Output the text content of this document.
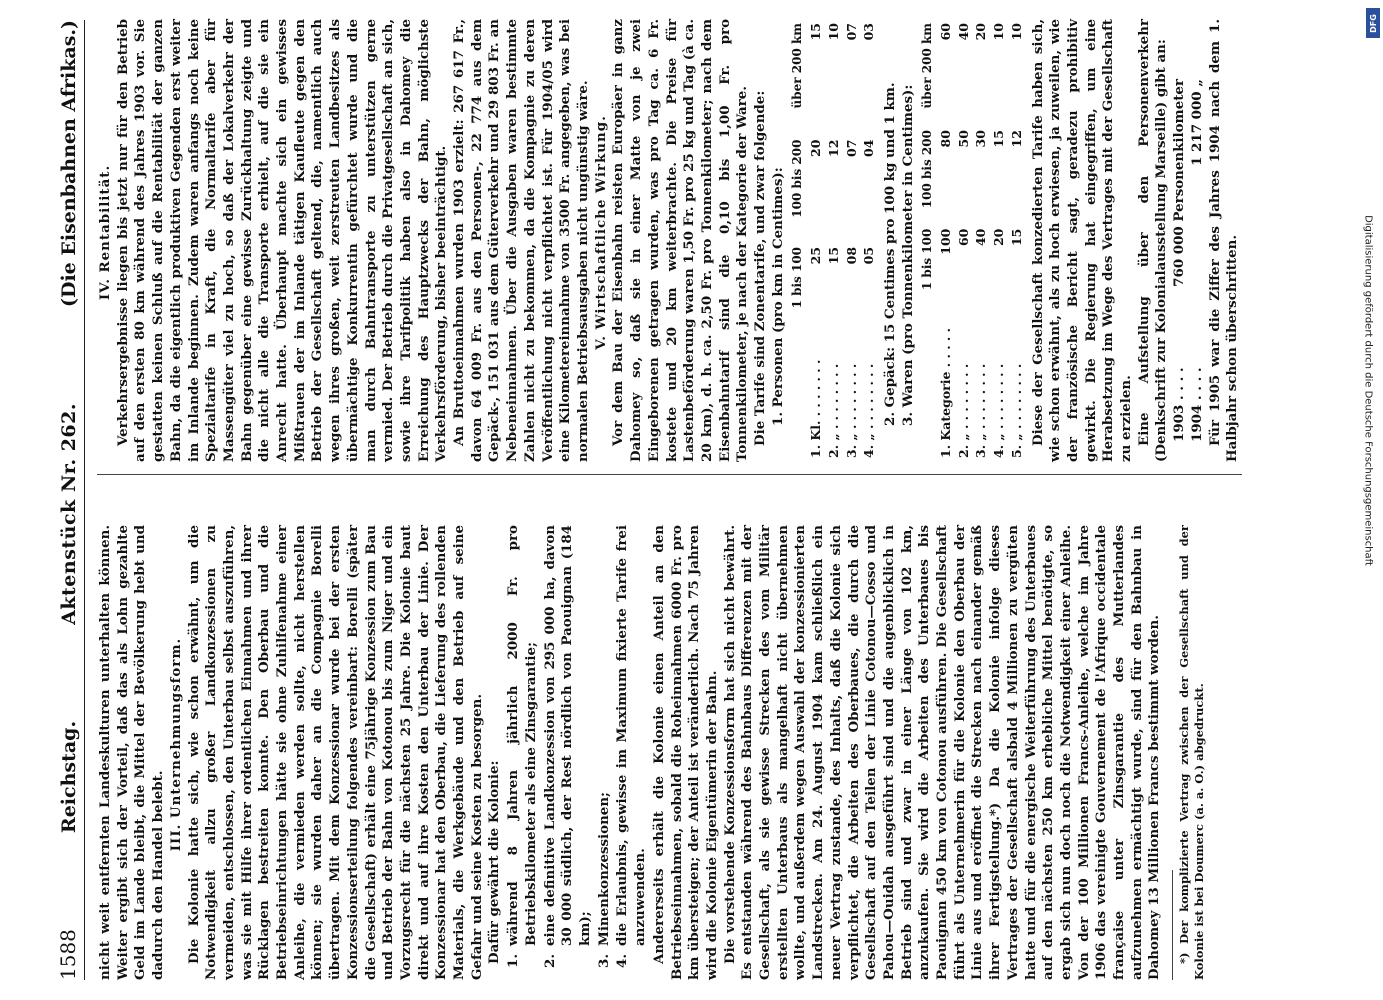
1588
Reichstag.
Aktenstück Nr. 262.
(Die Eisenbahnen Afrikas.)

nicht weit entfernten Landeskulturen unterhalten können. Weiter ergibt sich der Vorteil, daß das als Lohn gezahlte Geld im Lande bleibt, die Mittel der Bevölkerung hebt und dadurch den Handel belebt.

III. Unternehmungsform. Die Kolonie hatte sich, wie schon erwähnt, um die Notwendigkeit allzu großer Landkonzessionen zu vermeiden, entschlossen, den Unterbau selbst auszuführen, was sie mit Hilfe ihrer ordentlichen Einnahmen und ihrer Rücklagen bestreiten konnte. Den Oberbau und die Betriebseinrichtungen hätte sie ohne Zuhilfenahme einer Anleihe, die vermieden werden sollte, nicht herstellen können; sie wurden daher an die Compagnie Borelli übertragen. Mit dem Konzessionar wurde bei der ersten Konzessionserteilung folgendes vereinbart: Borelli (später die Gesellschaft) erhält eine 75jährige Konzession zum Bau und Betrieb der Bahn von Kotonou bis zum Niger und ein Vorzugsrecht für die nächsten 25 Jahre. Die Kolonie baut direkt und auf ihre Kosten den Unterbau der Linie. Der Konzessionar hat den Oberbau, die Lieferung des rollenden Materials, die Werkgebäude und den Betrieb auf seine Gefahr und seine Kosten zu besorgen. Dafür gewährt die Kolonie: 1.
während 8 Jahren jährlich 2000 Fr. pro Betriebskilometer als eine Zinsgarantie;
2.
eine definitive Landkonzession von 295 000 ha, davon 30 000 südlich, der Rest nördlich von Paouignan (184 km);
3.
Minenkonzessionen;
4.
die Erlaubnis, gewisse im Maximum fixierte Tarife frei anzuwenden. Andererseits erhält die Kolonie einen Anteil an den Betriebseinnahmen, sobald die Roheinnahmen 6000 Fr. pro km übersteigen; der Anteil ist veränderlich. Nach 75 Jahren wird die Kolonie Eigentümerin der Bahn. Die vorstehende Konzessionsform hat sich nicht bewährt. Es entstanden während des Bahnbaus Differenzen mit der Gesellschaft, als sie gewisse Strecken des vom Militär erstellten Unterbaus als mangelhaft nicht übernehmen wollte, und außerdem wegen Auswahl der konzessionierten Landstrecken. Am 24. August 1904 kam schließlich ein neuer Vertrag zustande, des Inhalts, daß die Kolonie sich verpflichtet, die Arbeiten des Oberbaues, die durch die Gesellschaft auf den Teilen der Linie Cotonou—Cosso und Pahou—Ouidah ausgeführt sind und die augenblicklich in Betrieb sind und zwar in einer Länge von 102 km, anzukaufen. Sie wird die Arbeiten des Unterbaues bis Paouignan 450 km von Cotonou ausführen. Die Gesellschaft führt als Unternehmerin für die Kolonie den Oberbau der Linie aus und eröffnet die Strecken nach einander gemäß ihrer Fertigstellung.*) Da die Kolonie infolge dieses Vertrages der Gesellschaft alsbald 4 Millionen zu vergüten hatte und für die energische Weiterführung des Unterbaues auf den nächsten 250 km erhebliche Mittel benötigte, so ergab sich nun doch noch die Notwendigkeit einer Anleihe. Von der 100 Millionen Francs-Anleihe, welche im Jahre 1906 das vereinigte Gouvernement de l'Afrique occidentale française unter Zinsgarantie des Mutterlandes aufzunehmen ermächtigt wurde, sind für den Bahnbau in Dahomey 13 Millionen Francs bestimmt worden. *) Der komplizierte Vertrag zwischen der Gesellschaft und der Kolonie ist bei Doumerc (a. a. O.) abgedruckt.

IV. Rentabilität. Verkehrsergebnisse liegen bis jetzt nur für den Betrieb auf den ersten 80 km während des Jahres 1903 vor. Sie gestatten keinen Schluß auf die Rentabilität der ganzen Bahn, da die eigentlich produktiven Gegenden erst weiter im Inlande beginnen. Zudem waren anfangs noch keine Spezialtarife in Kraft, die Normaltarife aber für Massengüter viel zu hoch, so daß der Lokalverkehr der Bahn gegenüber eine gewisse Zurückhaltung zeigte und die nicht alle die Transporte erhielt, auf die sie ein Anrecht hatte. Überhaupt machte sich ein gewisses Mißtrauen der im Inlande tätigen Kaufleute gegen den Betrieb der Gesellschaft geltend, die, namentlich auch wegen ihres großen, weit zerstreuten Landbesitzes als übermächtige Konkurrentin gefürchtet wurde und die man durch Bahntransporte zu unterstützen gerne vermied. Der Betrieb durch die Privatgesellschaft an sich, sowie ihre Tarifpolitik haben also in Dahomey die Erreichung des Hauptzwecks der Bahn, möglichste Verkehrsförderung, bisher beeinträchtigt. An Bruttoeinnahmen wurden 1903 erzielt: 267 617 Fr., davon 64 009 Fr. aus den Personen-, 22 774 aus dem Gepäck-, 151 031 aus dem Güterverkehr und 29 803 Fr. an Nebeneinnahmen. Über die Ausgaben waren bestimmte Zahlen nicht zu bekommen, da die Kompagnie zu deren Veröffentlichung nicht verpflichtet ist. Für 1904/05 wird eine Kilometereinnahme von 3500 Fr. angegeben, was bei normalen Betriebsausgaben nicht ungünstig wäre. V. Wirtschaftliche Wirkung. Vor dem Bau der Eisenbahn reisten Europäer in ganz Dahomey so, daß sie in einer Matte von je zwei Eingeborenen getragen wurden, was pro Tag ca. 6 Fr. kostete und 20 km weiterbrachte. Die Preise für Lastenbeförderung waren 1,50 Fr. pro 25 kg und Tag (à ca. 20 km), d. h. ca. 2,50 Fr. pro Tonnenkilometer; nach dem Eisenbahntarif sind die 0,10 bis 1,00 Fr. pro Tonnenkilometer, je nach der Kategorie der Ware. Die Tarife sind Zonentarife, und zwar folgende: 1. Personen (pro km in Centimes):

	1 bis 100	100 bis 200	über 200 km
1. Kl. . . . . . . .	25	20	15
2. „ . . . . . . . .	15	12	10
3. „ . . . . . . . .	08	07	07
4. „ . . . . . . . .	05	04	03

2. Gepäck: 15 Centimes pro 100 kg und 1 km. 3. Waren (pro Tonnenkilometer in Centimes):

	1 bis 100	100 bis 200	über 200 km
1. Kategorie . . . . .	100	80	60
2. „ . . . . . . . .	60	50	40
3. „ . . . . . . . .	40	30	20
4. „ . . . . . . . .	20	15	10
5. „ . . . . . . . .	15	12	10 Diese der Gesellschaft konzedierten Tarife haben sich, wie schon erwähnt, als zu hoch erwiesen, ja zuweilen, wie der französische Bericht sagt, geradezu prohibitiv gewirkt. Die Regierung hat eingegriffen, um eine Herabsetzung im Wege des Vertrages mit der Gesellschaft zu erzielen. Eine Aufstellung über den Personenverkehr (Denkschrift zur Kolonialausstellung Marseille) gibt an: 1903 . . . .
760 000 Personenkilometer
1904 . . . .
1 217 000 „ Für 1905 war die Ziffer des Jahres 1904 nach dem 1. Halbjahr schon überschritten.

DFG
Digitalisierung gefördert durch die Deutsche Forschungsgemeinschaft
